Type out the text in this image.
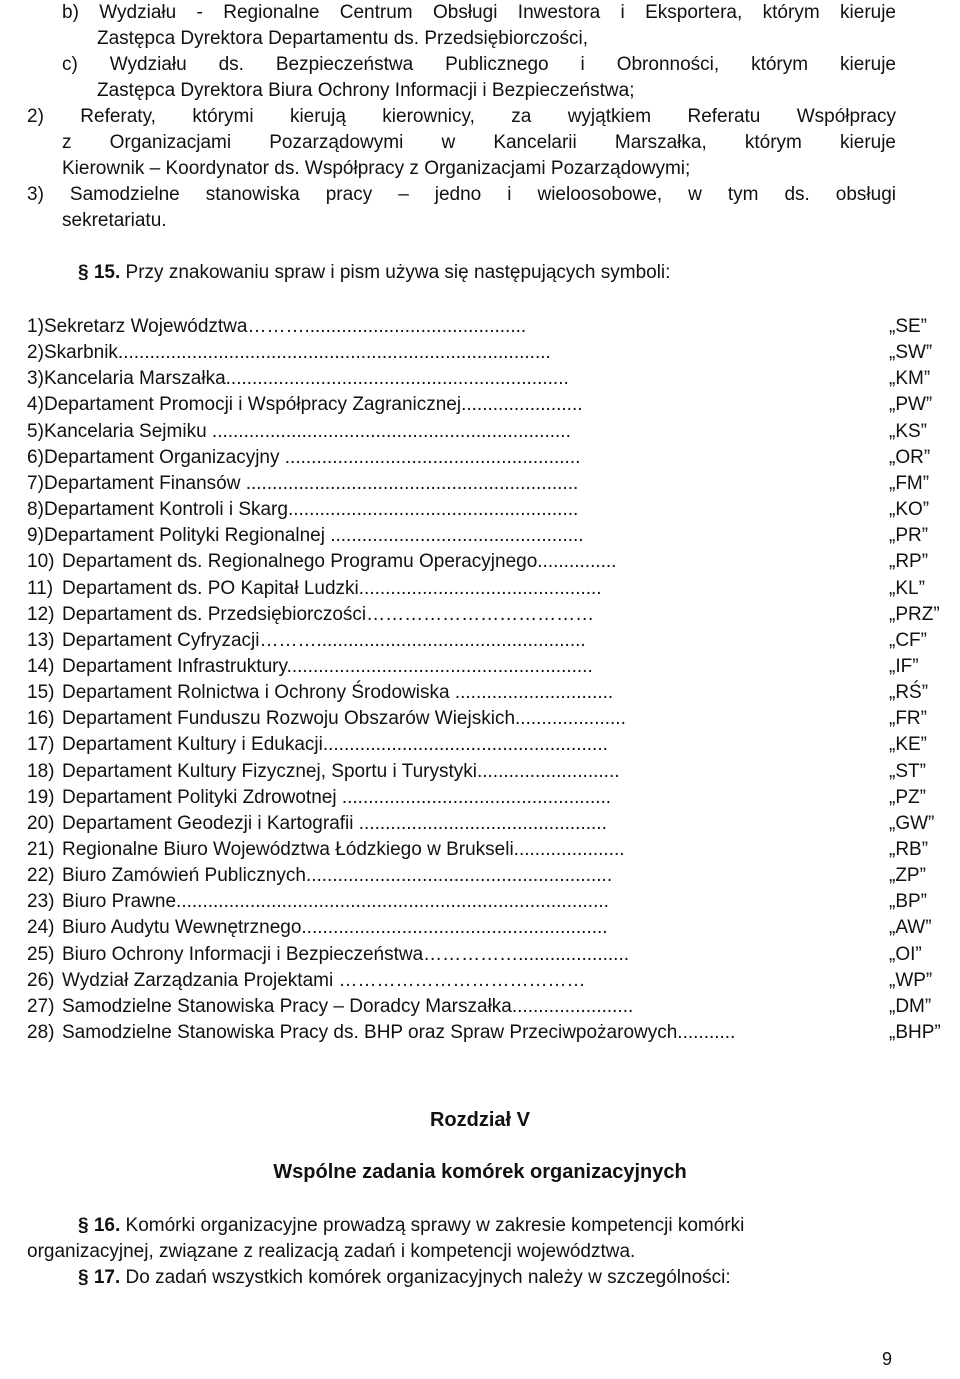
b) Wydziału - Regionalne Centrum Obsługi Inwestora i Eksportera, którym kieruje
Zastępca Dyrektora Departamentu ds. Przedsiębiorczości,
c) Wydziału ds. Bezpieczeństwa Publicznego i Obronności, którym kieruje
Zastępca Dyrektora Biura Ochrony Informacji i Bezpieczeństwa;
2) Referaty, którymi kierują kierownicy, za wyjątkiem Referatu Współpracy
z Organizacjami Pozarządowymi w Kancelarii Marszałka, którym kieruje
Kierownik – Koordynator ds. Współpracy z Organizacjami Pozarządowymi;
3) Samodzielne stanowiska pracy – jedno i wieloosobowe, w tym ds. obsługi
sekretariatu.
§ 15. Przy znakowaniu spraw i pism używa się następujących symboli:
1) Sekretarz Województwa………..........................................	„SE”
2) Skarbnik..................................................................................	„SW”
3) Kancelaria Marszałka.................................................................	„KM”
4) Departament Promocji i Współpracy Zagranicznej.......................	„PW”
5) Kancelaria Sejmiku ....................................................................	„KS”
6) Departament Organizacyjny ........................................................	„OR”
7) Departament Finansów ...............................................................	„FM”
8) Departament Kontroli i Skarg.......................................................	„KO”
9) Departament Polityki Regionalnej ................................................	„PR”
10) Departament ds. Regionalnego Programu Operacyjnego...............	„RP”
11) Departament ds. PO Kapitał Ludzki..............................................	„KL”
12) Departament ds. Przedsiębiorczości………………………………	„PRZ”
13) Departament Cyfryzacji………...................................................	„CF”
14) Departament Infrastruktury..........................................................	„IF”
15) Departament Rolnictwa i Ochrony Środowiska ..............................	„RŚ”
16) Departament Funduszu Rozwoju Obszarów Wiejskich.....................	„FR”
17) Departament Kultury i Edukacji......................................................	„KE”
18) Departament Kultury Fizycznej, Sportu i Turystyki...........................	„ST”
19) Departament Polityki Zdrowotnej ...................................................	„PZ”
20) Departament Geodezji i Kartografii ...............................................	„GW”
21) Regionalne Biuro Województwa Łódzkiego w Brukseli.....................	„RB”
22) Biuro Zamówień Publicznych..........................................................	„ZP”
23) Biuro Prawne..................................................................................	„BP”
24) Biuro Audytu Wewnętrznego..........................................................	„AW”
25) Biuro Ochrony Informacji i Bezpieczeństwa…………….....................	„OI”
26) Wydział Zarządzania Projektami …………………………………	„WP”
27) Samodzielne Stanowiska Pracy – Doradcy Marszałka.......................	„DM”
28) Samodzielne Stanowiska Pracy ds. BHP oraz Spraw Przeciwpożarowych...........	„BHP”
Rozdział V
Wspólne zadania komórek organizacyjnych
§ 16. Komórki organizacyjne prowadzą sprawy w zakresie kompetencji komórki
organizacyjnej, związane z realizacją zadań i kompetencji województwa.
§ 17. Do zadań wszystkich komórek organizacyjnych należy w szczególności:
9
